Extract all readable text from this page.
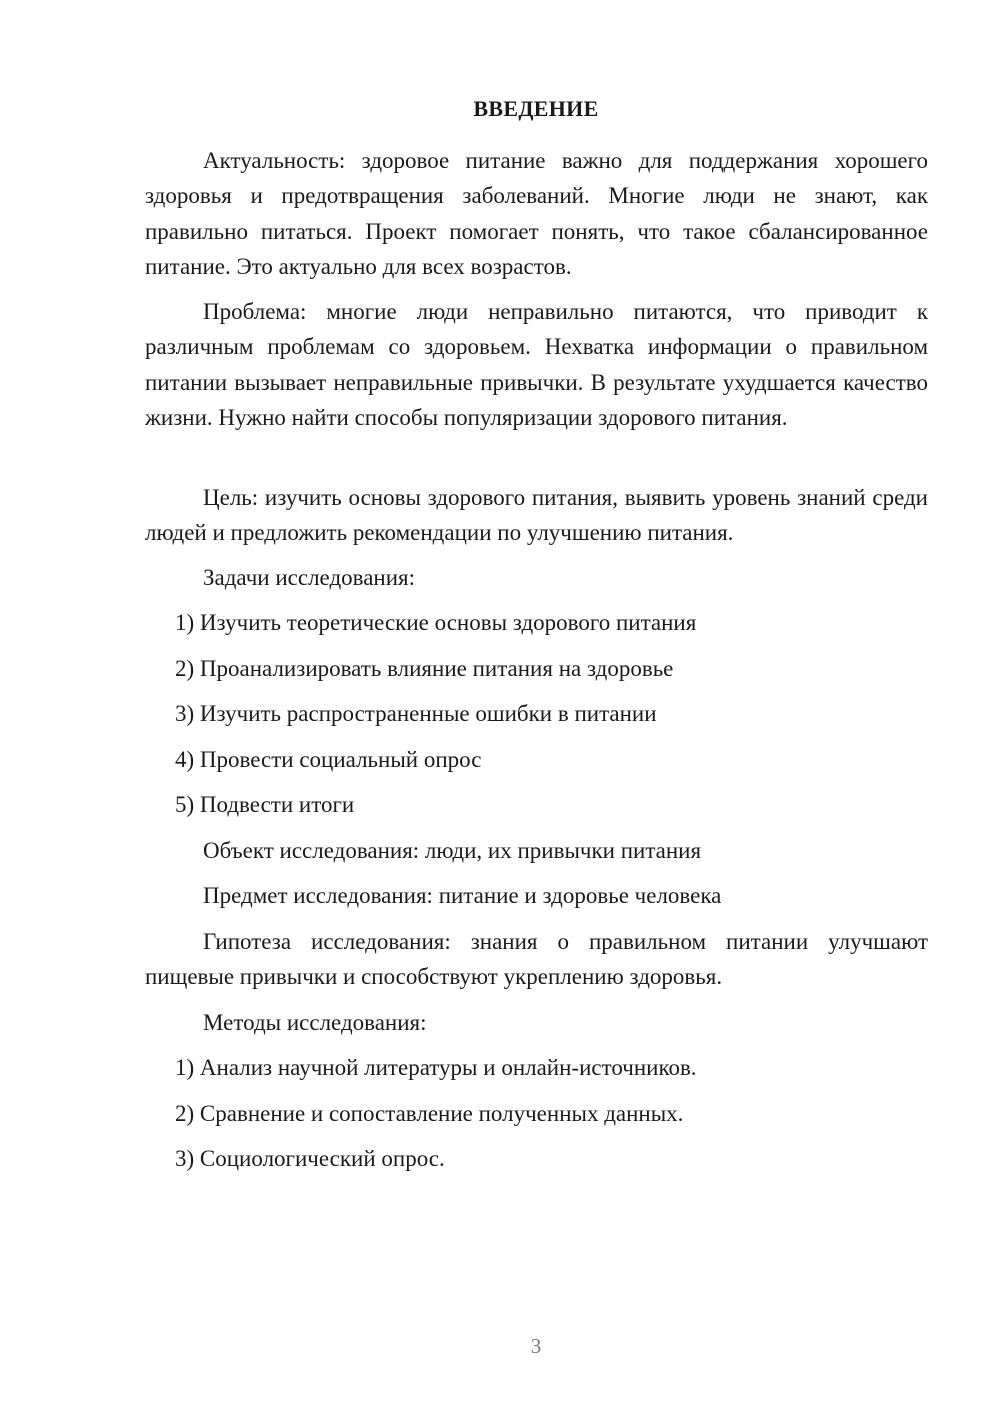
ВВЕДЕНИЕ

Актуальность: здоровое питание важно для поддержания хорошего здоровья и предотвращения заболеваний. Многие люди не знают, как правильно питаться. Проект помогает понять, что такое сбалансированное питание. Это актуально для всех возрастов.

Проблема: многие люди неправильно питаются, что приводит к различным проблемам со здоровьем. Нехватка информации о правильном питании вызывает неправильные привычки. В результате ухудшается качество жизни. Нужно найти способы популяризации здорового питания.

Цель: изучить основы здорового питания, выявить уровень знаний среди людей и предложить рекомендации по улучшению питания.

Задачи исследования:
1) Изучить теоретические основы здорового питания
2) Проанализировать влияние питания на здоровье
3) Изучить распространенные ошибки в питании
4) Провести социальный опрос
5) Подвести итоги
Объект исследования: люди, их привычки питания
Предмет исследования: питание и здоровье человека

Гипотеза исследования: знания о правильном питании улучшают пищевые привычки и способствуют укреплению здоровья.

Методы исследования:
1) Анализ научной литературы и онлайн-источников.
2) Сравнение и сопоставление полученных данных.
3) Социологический опрос.
3
